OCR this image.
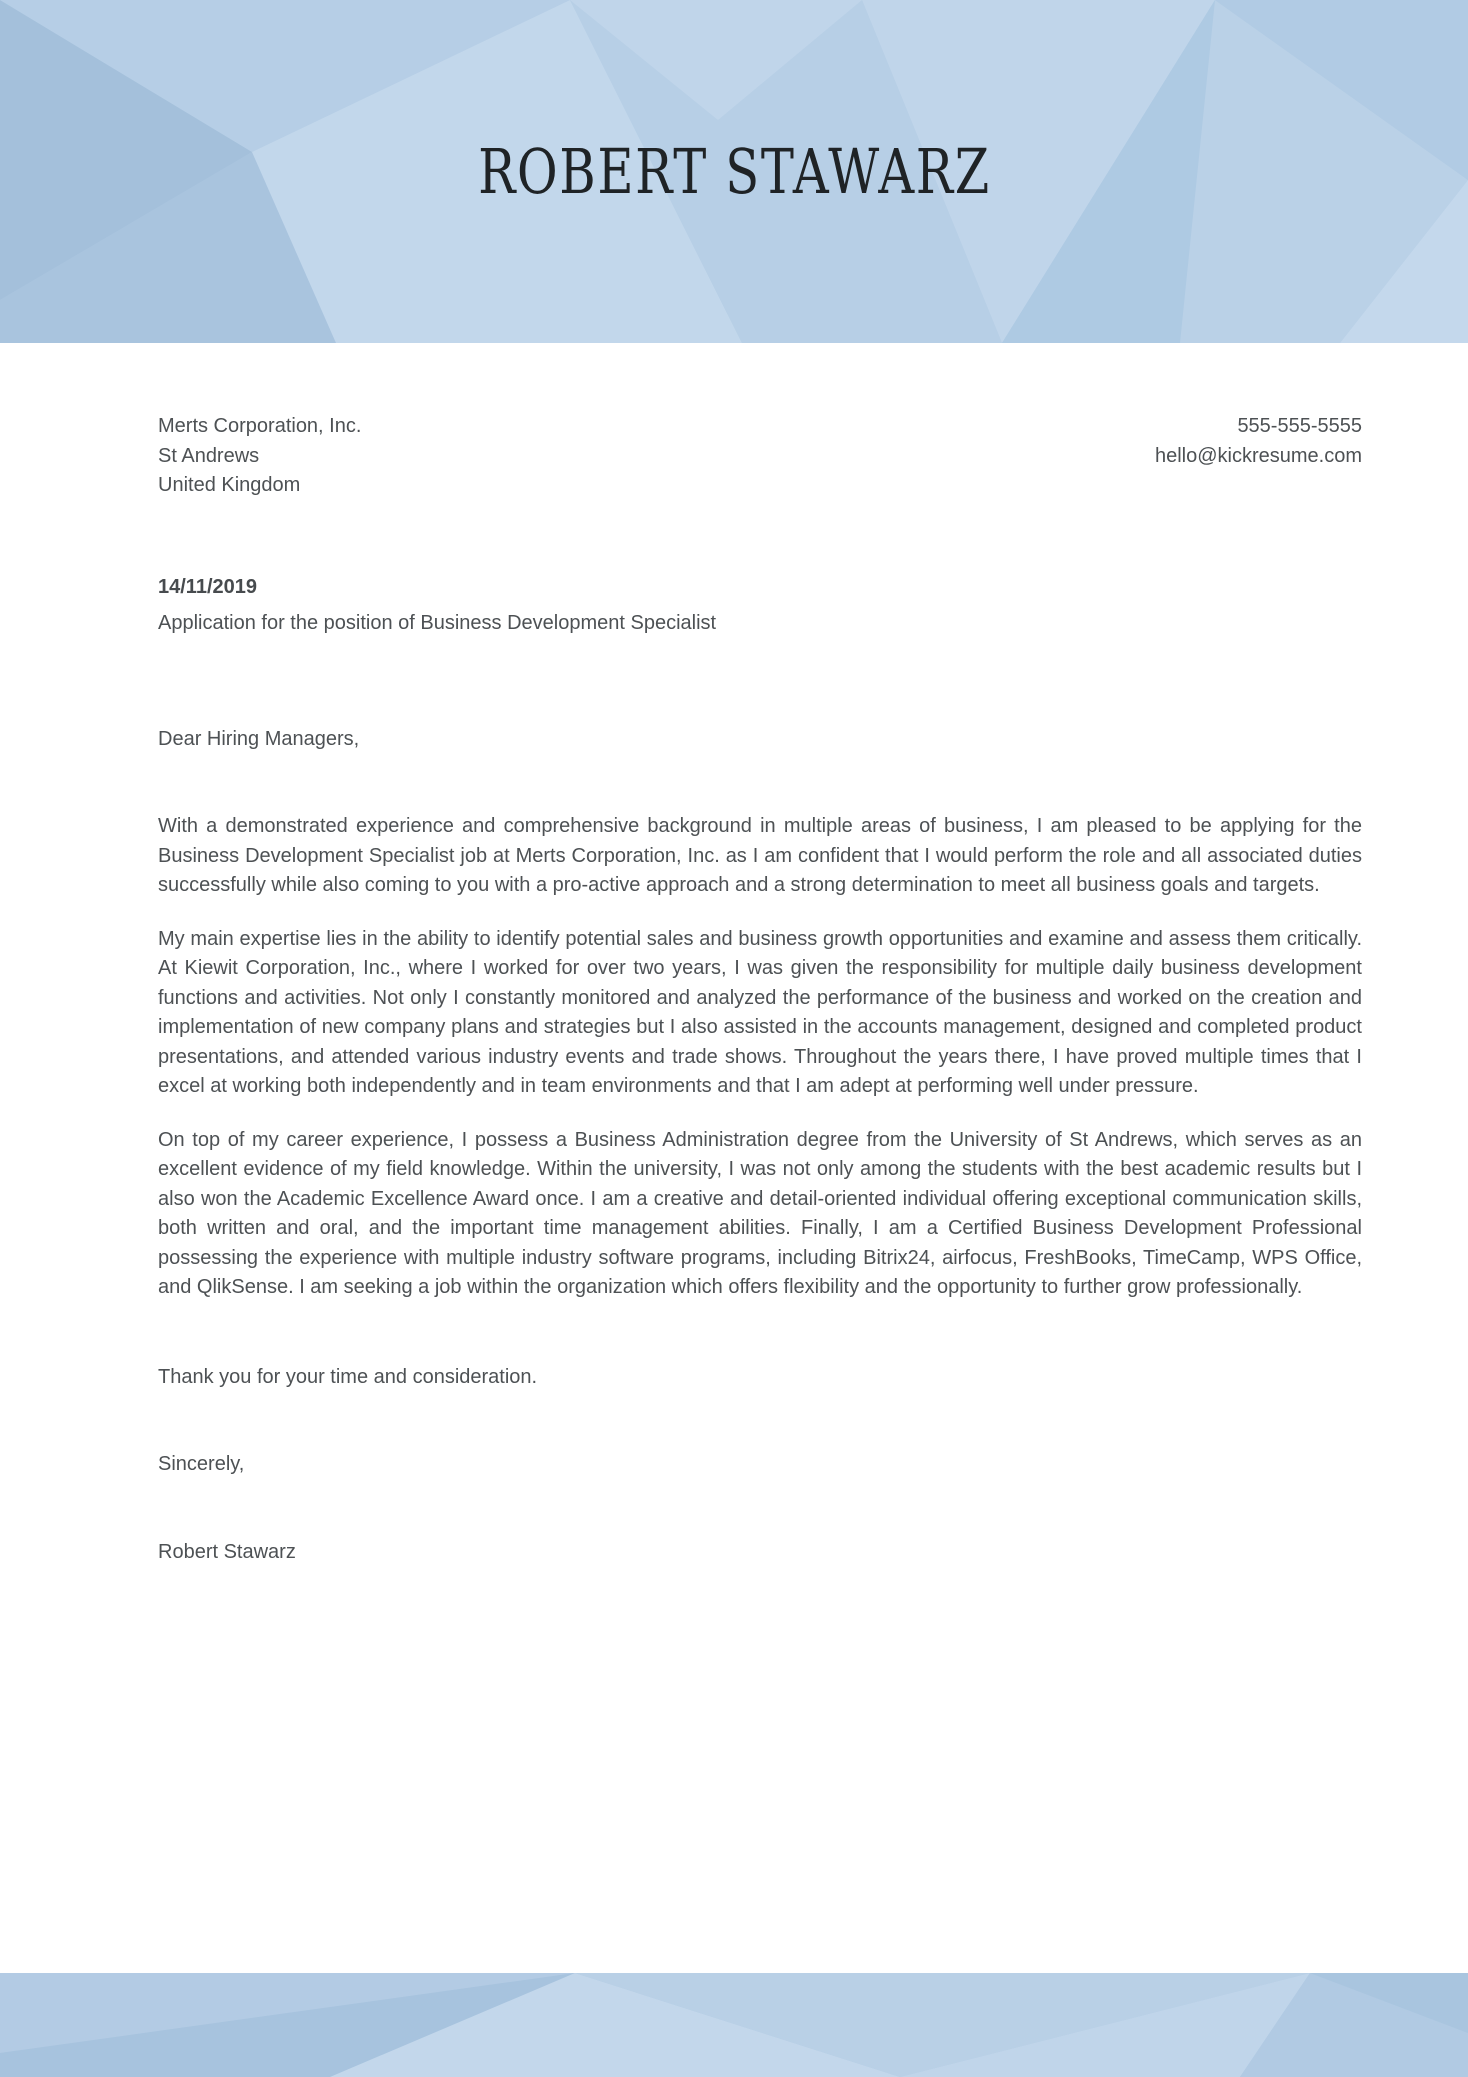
ROBERT STAWARZ
Merts Corporation, Inc.
St Andrews
United Kingdom
555-555-5555
hello@kickresume.com
14/11/2019
Application for the position of Business Development Specialist
Dear Hiring Managers,

With a demonstrated experience and comprehensive background in multiple areas of business, I am pleased to be applying for the Business Development Specialist job at Merts Corporation, Inc. as I am confident that I would perform the role and all associated duties successfully while also coming to you with a pro-active approach and a strong determination to meet all business goals and targets.

My main expertise lies in the ability to identify potential sales and business growth opportunities and examine and assess them critically. At Kiewit Corporation, Inc., where I worked for over two years, I was given the responsibility for multiple daily business development functions and activities. Not only I constantly monitored and analyzed the performance of the business and worked on the creation and implementation of new company plans and strategies but I also assisted in the accounts management, designed and completed product presentations, and attended various industry events and trade shows. Throughout the years there, I have proved multiple times that I excel at working both independently and in team environments and that I am adept at performing well under pressure.

On top of my career experience, I possess a Business Administration degree from the University of St Andrews, which serves as an excellent evidence of my field knowledge. Within the university, I was not only among the students with the best academic results but I also won the Academic Excellence Award once. I am a creative and detail-oriented individual offering exceptional communication skills, both written and oral, and the important time management abilities. Finally, I am a Certified Business Development Professional possessing the experience with multiple industry software programs, including Bitrix24, airfocus, FreshBooks, TimeCamp, WPS Office, and QlikSense. I am seeking a job within the organization which offers flexibility and the opportunity to further grow professionally.

Thank you for your time and consideration.
Sincerely,
Robert Stawarz
